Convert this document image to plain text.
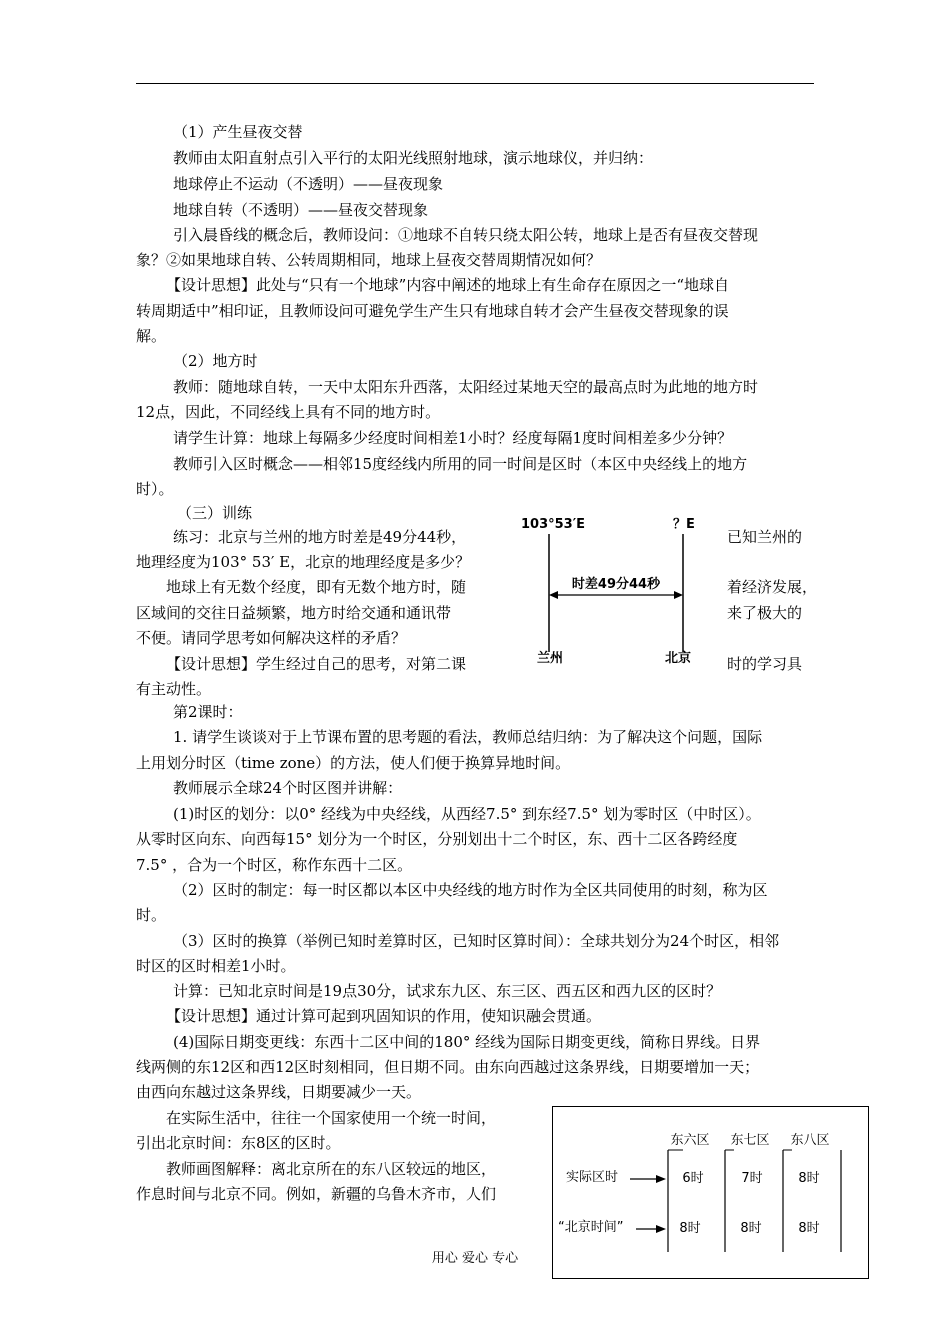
（1）产生昼夜交替
教师由太阳直射点引入平行的太阳光线照射地球，演示地球仪，并归纳：
地球停止不运动（不透明）——昼夜现象
地球自转（不透明）——昼夜交替现象
引入晨昏线的概念后，教师设问：①地球不自转只绕太阳公转，地球上是否有昼夜交替现
象？②如果地球自转、公转周期相同，地球上昼夜交替周期情况如何？
【设计思想】此处与“只有一个地球”内容中阐述的地球上有生命存在原因之一“地球自
转周期适中”相印证，且教师设问可避免学生产生只有地球自转才会产生昼夜交替现象的误
解。
（2）地方时
教师：随地球自转，一天中太阳东升西落，太阳经过某地天空的最高点时为此地的地方时
12点，因此，不同经线上具有不同的地方时。
请学生计算：地球上每隔多少经度时间相差1小时？经度每隔1度时间相差多少分钟？
教师引入区时概念——相邻15度经线内所用的同一时间是区时（本区中央经线上的地方
时）。
（三）训练
练习：北京与兰州的地方时差是49分44秒，
地理经度为103° 53′ E，北京的地理经度是多少？
地球上有无数个经度，即有无数个地方时，随
区域间的交往日益频繁，地方时给交通和通讯带
不便。请同学思考如何解决这样的矛盾？
【设计思想】学生经过自己的思考，对第二课
有主动性。
已知兰州的
着经济发展，
来了极大的
时的学习具
103°53′E	？E
时差49分44秒
兰州	北京
第2课时：
1. 请学生谈谈对于上节课布置的思考题的看法，教师总结归纳：为了解决这个问题，国际
上用划分时区（time zone）的方法，使人们便于换算异地时间。
教师展示全球24个时区图并讲解：
(1)时区的划分：以0° 经线为中央经线，从西经7.5° 到东经7.5° 划为零时区（中时区）。
从零时区向东、向西每15° 划分为一个时区，分别划出十二个时区，东、西十二区各跨经度
7.5° ，合为一个时区，称作东西十二区。
（2）区时的制定：每一时区都以本区中央经线的地方时作为全区共同使用的时刻，称为区
时。
（3）区时的换算（举例已知时差算时区，已知时区算时间）：全球共划分为24个时区，相邻
时区的区时相差1小时。
计算：已知北京时间是19点30分，试求东九区、东三区、西五区和西九区的区时？
【设计思想】通过计算可起到巩固知识的作用，使知识融会贯通。
(4)国际日期变更线：东西十二区中间的180° 经线为国际日期变更线，简称日界线。日界
线两侧的东12区和西12区时刻相同，但日期不同。由东向西越过这条界线，日期要增加一天；
由西向东越过这条界线，日期要减少一天。
在实际生活中，往往一个国家使用一个统一时间，
引出北京时间：东8区的区时。
教师画图解释：离北京所在的东八区较远的地区，
作息时间与北京不同。例如，新疆的乌鲁木齐市，人们
东六区 东七区 东八区
实际区时	6时	7时	8时
“北京时间”	8时	8时	8时
用心 爱心 专心
